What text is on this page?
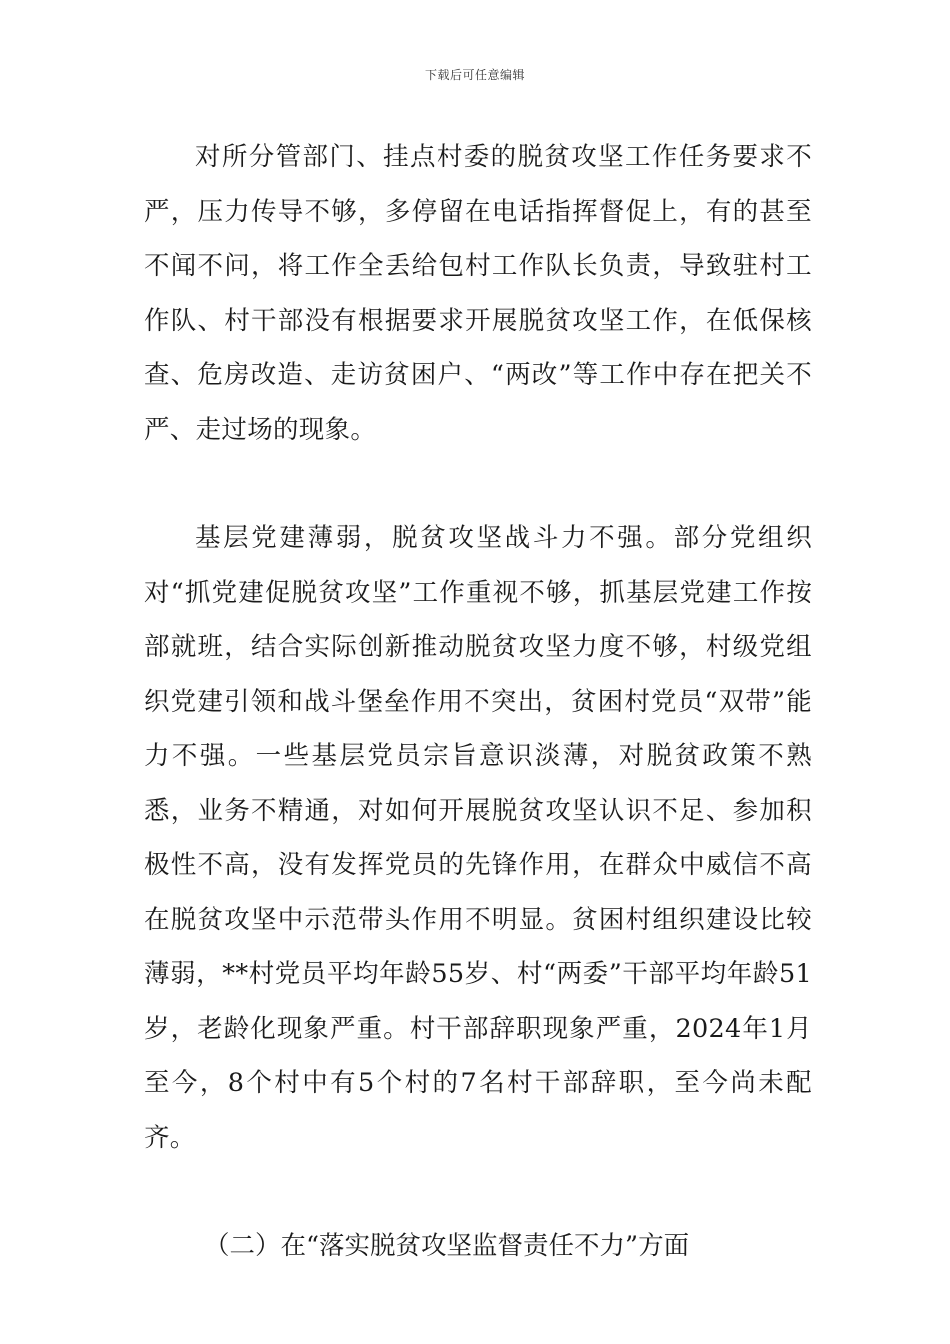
下载后可任意编辑

对所分管部门、挂点村委的脱贫攻坚工作任务要求不严，压力传导不够，多停留在电话指挥督促上，有的甚至不闻不问，将工作全丢给包村工作队长负责，导致驻村工作队、村干部没有根据要求开展脱贫攻坚工作，在低保核查、危房改造、走访贫困户、“两改”等工作中存在把关不严、走过场的现象。

基层党建薄弱，脱贫攻坚战斗力不强。部分党组织对“抓党建促脱贫攻坚”工作重视不够，抓基层党建工作按部就班，结合实际创新推动脱贫攻坚力度不够，村级党组织党建引领和战斗堡垒作用不突出，贫困村党员“双带”能力不强。一些基层党员宗旨意识淡薄，对脱贫政策不熟悉，业务不精通，对如何开展脱贫攻坚认识不足、参加积极性不高，没有发挥党员的先锋作用，在群众中威信不高在脱贫攻坚中示范带头作用不明显。贫困村组织建设比较薄弱，**村党员平均年龄55岁、村“两委”干部平均年龄51岁，老龄化现象严重。村干部辞职现象严重，2024年1月至今，8个村中有5个村的7名村干部辞职，至今尚未配齐。

（二）在“落实脱贫攻坚监督责任不力”方面
